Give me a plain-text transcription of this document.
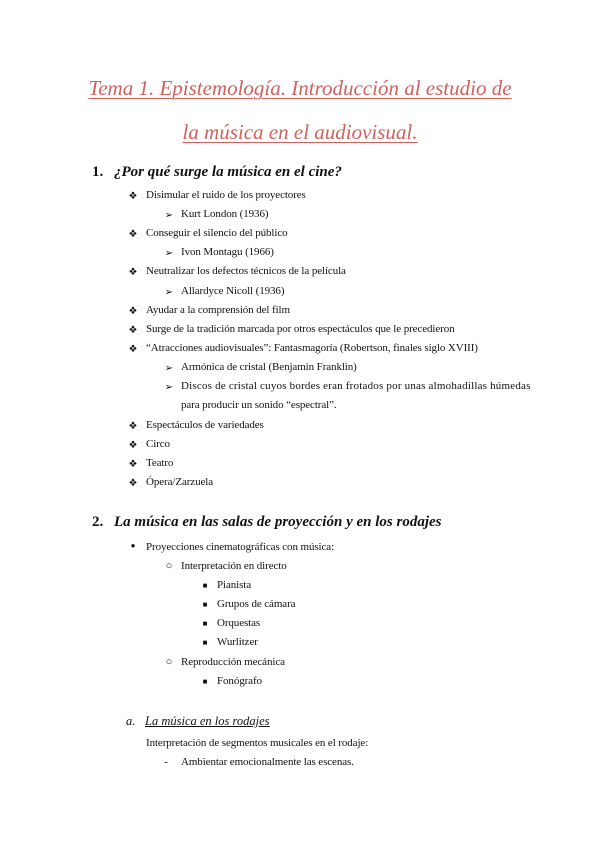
Tema 1. Epistemología. Introducción al estudio de
la música en el audiovisual.
1. ¿Por qué surge la música en el cine?
❖ Disimular el ruido de los proyectores
➢ Kurt London (1936)
❖ Conseguir el silencio del público
➢ Ivon Montagu (1966)
❖ Neutralizar los defectos técnicos de la película
➢ Allardyce Nicoll (1936)
❖ Ayudar a la comprensión del film
❖ Surge de la tradición marcada por otros espectáculos que le precedieron
❖ “Atracciones audiovisuales”: Fantasmagoría (Robertson, finales siglo XVIII)
➢ Armónica de cristal (Benjamin Franklin)
➢ Discos de cristal cuyos bordes eran frotados por unas almohadillas húmedas
para producir un sonido “espectral”.
❖ Espectáculos de variedades
❖ Circo
❖ Teatro
❖ Ópera/Zarzuela
2. La música en las salas de proyección y en los rodajes
● Proyecciones cinematográficas con música:
○ Interpretación en directo
■ Pianista
■ Grupos de cámara
■ Orquestas
■ Wurlitzer
○ Reproducción mecánica
■ Fonógrafo
a. La música en los rodajes
Interpretación de segmentos musicales en el rodaje:
-	Ambientar emocionalmente las escenas.
